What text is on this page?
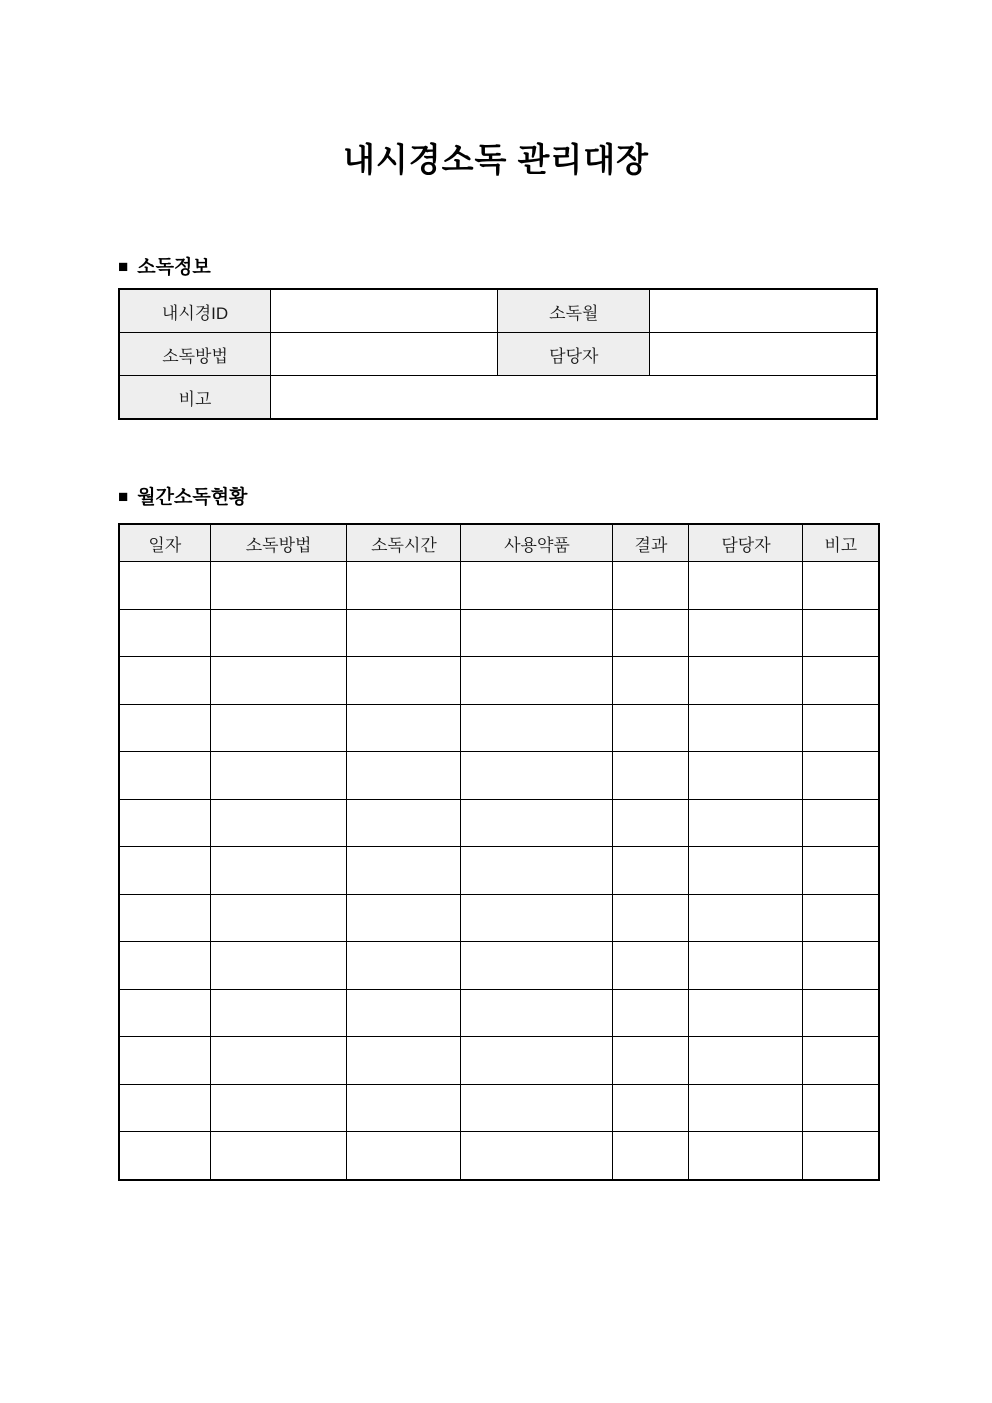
내시경소독 관리대장
■ 소독정보
내시경ID		소독월	
소독방법		담당자	
비고			
■ 월간소독현황
일자	소독방법	소독시간	사용약품	결과	담당자	비고
